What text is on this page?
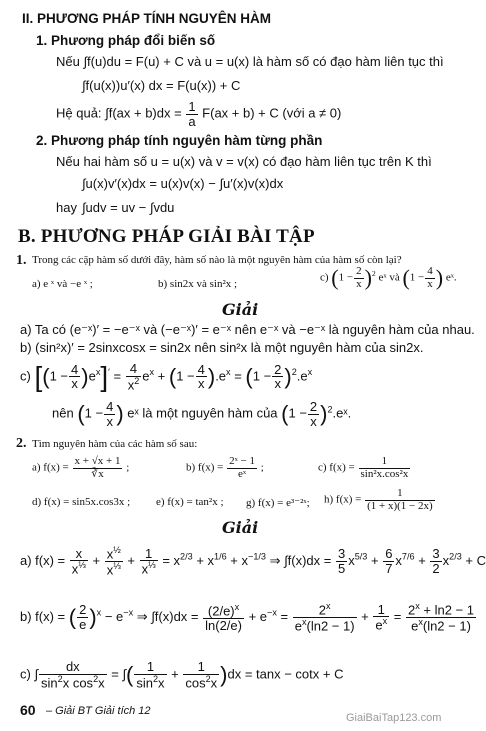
II. PHƯƠNG PHÁP TÍNH NGUYÊN HÀM
1. Phương pháp đổi biến số
Nếu ∫f(u)du = F(u) + C và u = u(x) là hàm số có đạo hàm liên tục thì
∫f(u(x))u′(x) dx = F(u(x)) + C
Hệ quả: $\int f(ax + b)dx = \frac{1}{a} F(ax + b) + C$ (với a ≠ 0)
2. Phương pháp tính nguyên hàm từng phần
Nếu hai hàm số u = u(x) và v = v(x) có đạo hàm liên tục trên K thì
∫u(x)v′(x)dx = u(x)v(x) − ∫u′(x)v(x)dx
hay ∫udv = uv − ∫vdu
B. PHƯƠNG PHÁP GIẢI BÀI TẬP
1. Trong các cặp hàm số dưới đây, hàm số nào là một nguyên hàm của hàm số còn lại?
a) e ˣ và −e ˣ ;	b) sin2x và sin²x ;
c) $(1 - \frac{2}{x} )^2$ eˣ và ($1 - \frac{4}{x}$ ) eˣ.
Giải
a) Ta có (e⁻ˣ)′ = −e⁻ˣ và (−e⁻ˣ)′ = e⁻ˣ nên e⁻ˣ và −e⁻ˣ là nguyên hàm của nhau.
b) (sin²x)′ = 2sinxcosx = sin2x nên sin²x là một nguyên hàm của sin2x.
c) $[(1 - \frac{4}{x} )e^x]' = \frac{4}{x^2} e^x + (1 - \frac{4}{x} ).e^x = (1 - \frac{2}{x} )^2.e^x$
nên ($1 - \frac{4}{x}$ ) eˣ là một nguyên hàm của ($1 - \frac{2}{x}$ )$^2.eˣ$.
2. Tìm nguyên hàm của các hàm số sau:
a) $f(x) = \frac{x + √x + 1}{∛x}$ ;	b) $f(x) = \frac{\text{2ˣ − 1}}{\text{eˣ}}$ ;	c) $f(x) = \frac{1}{\text{sin²x.cos²x}}$
d) f(x) = sin5x.cos3x ; e) f(x) = tan²x ; g) f(x) = e³⁻²ˣ; h) $f(x) = \frac{1}{(1 + x)(1 - 2x)}$
Giải
a) $f(x) = \frac{x}{x^{\frac{1}{3}}} + \frac{x^{\frac{1}{2}}}{x^{\frac{1}{3}}} + \frac{1}{x^{\frac{1}{3}}} = x^{2/3} + x^{1/6} + x^{-1/3}$ ⇒ $\int f(x)dx = \frac{3}{5} x^{5/3} + \frac{6}{7} x^{7/6} + \frac{3}{2} x^{2/3} + C$
b) f(x) = ( $\frac{2}{e} )^x - e^{-x}$ ⇒ $\int f(x)dx = \frac{(2/e)^x}{\ln(2/e)} + e^{-x} = \frac{2^x}{e^x(\ln 2 - 1)} + \frac{1}{e^x} = \frac{2^x + \ln 2 - 1}{e^x(\ln 2 - 1)}$
c) ∫ $\frac{dx}{\sin^2x \cos^2x}$ = ∫( $\frac{1}{\sin^2x} + \frac{1}{\cos^2x} )dx = \tan x - \cot x + C$
60 – Giải BT Giải tích 12
GiaiBaiTap123.com
